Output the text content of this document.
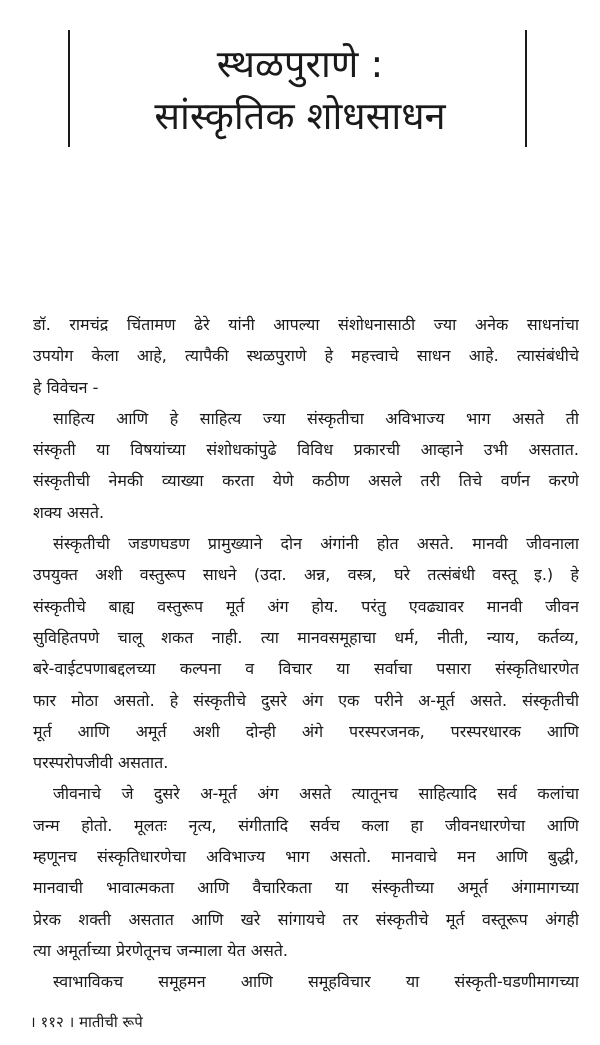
स्थळपुराणे :
सांस्कृतिक शोधसाधन

डॉ. रामचंद्र चिंतामण ढेरे यांनी आपल्या संशोधनासाठी ज्या अनेक साधनांचा
उपयोग केला आहे, त्यापैकी स्थळपुराणे हे महत्त्वाचे साधन आहे. त्यासंबंधीचे
हे विवेचन -

साहित्य आणि हे साहित्य ज्या संस्कृतीचा अविभाज्य भाग असते ती
संस्कृती या विषयांच्या संशोधकांपुढे विविध प्रकारची आव्हाने उभी असतात.
संस्कृतीची नेमकी व्याख्या करता येणे कठीण असले तरी तिचे वर्णन करणे
शक्य असते.

संस्कृतीची जडणघडण प्रामुख्याने दोन अंगांनी होत असते. मानवी जीवनाला
उपयुक्त अशी वस्तुरूप साधने (उदा. अन्न, वस्त्र, घरे तत्संबंधी वस्तू इ.) हे
संस्कृतीचे बाह्य वस्तुरूप मूर्त अंग होय. परंतु एवढ्यावर मानवी जीवन
सुविहितपणे चालू शकत नाही. त्या मानवसमूहाचा धर्म, नीती, न्याय, कर्तव्य,
बरे-वाईटपणाबद्दलच्या कल्पना व विचार या सर्वाचा पसारा संस्कृतिधारणेत
फार मोठा असतो. हे संस्कृतीचे दुसरे अंग एक परीने अ-मूर्त असते. संस्कृतीची
मूर्त आणि अमूर्त अशी दोन्ही अंगे परस्परजनक, परस्परधारक आणि
परस्परोपजीवी असतात.

जीवनाचे जे दुसरे अ-मूर्त अंग असते त्यातूनच साहित्यादि सर्व कलांचा
जन्म होतो. मूलतः नृत्य, संगीतादि सर्वच कला हा जीवनधारणेचा आणि
म्हणूनच संस्कृतिधारणेचा अविभाज्य भाग असतो. मानवाचे मन आणि बुद्धी,
मानवाची भावात्मकता आणि वैचारिकता या संस्कृतीच्या अमूर्त अंगामागच्या
प्रेरक शक्ती असतात आणि खरे सांगायचे तर संस्कृतीचे मूर्त वस्तूरूप अंगही
त्या अमूर्ताच्या प्रेरणेतूनच जन्माला येत असते.

स्वाभाविकच समूहमन आणि समूहविचार या संस्कृती-घडणीमागच्या

। ११२ । मातीची रूपे
